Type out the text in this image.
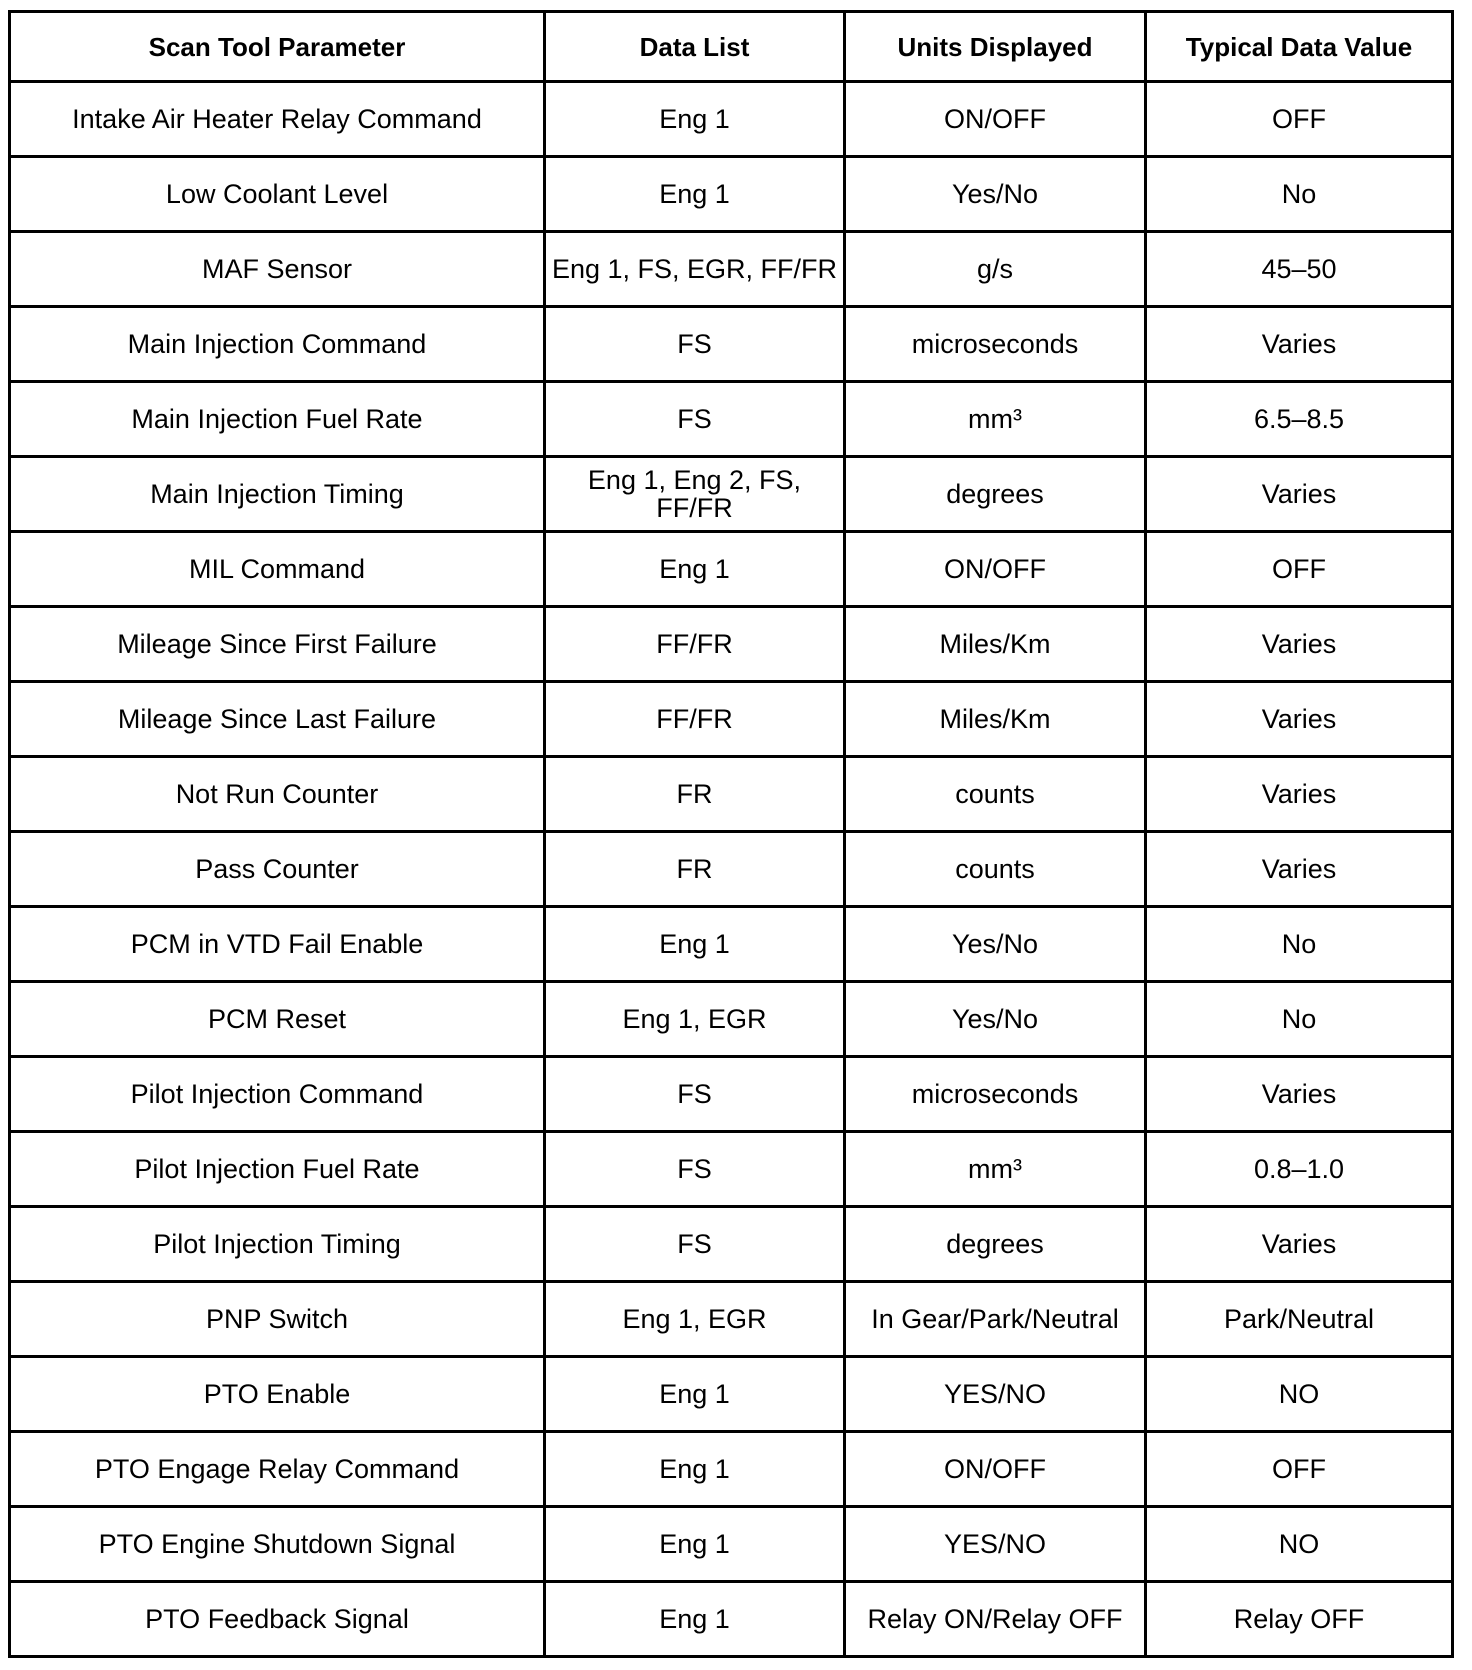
Scan Tool Parameter	Data List	Units Displayed	Typical Data Value
Intake Air Heater Relay Command	Eng 1	ON/OFF	OFF
Low Coolant Level	Eng 1	Yes/No	No
MAF Sensor	Eng 1, FS, EGR, FF/FR	g/s	45–50
Main Injection Command	FS	microseconds	Varies
Main Injection Fuel Rate	FS	mm³	6.5–8.5
Main Injection Timing	Eng 1, Eng 2, FS, FF/FR	degrees	Varies
MIL Command	Eng 1	ON/OFF	OFF
Mileage Since First Failure	FF/FR	Miles/Km	Varies
Mileage Since Last Failure	FF/FR	Miles/Km	Varies
Not Run Counter	FR	counts	Varies
Pass Counter	FR	counts	Varies
PCM in VTD Fail Enable	Eng 1	Yes/No	No
PCM Reset	Eng 1, EGR	Yes/No	No
Pilot Injection Command	FS	microseconds	Varies
Pilot Injection Fuel Rate	FS	mm³	0.8–1.0
Pilot Injection Timing	FS	degrees	Varies
PNP Switch	Eng 1, EGR	In Gear/Park/Neutral	Park/Neutral
PTO Enable	Eng 1	YES/NO	NO
PTO Engage Relay Command	Eng 1	ON/OFF	OFF
PTO Engine Shutdown Signal	Eng 1	YES/NO	NO
PTO Feedback Signal	Eng 1	Relay ON/Relay OFF	Relay OFF
